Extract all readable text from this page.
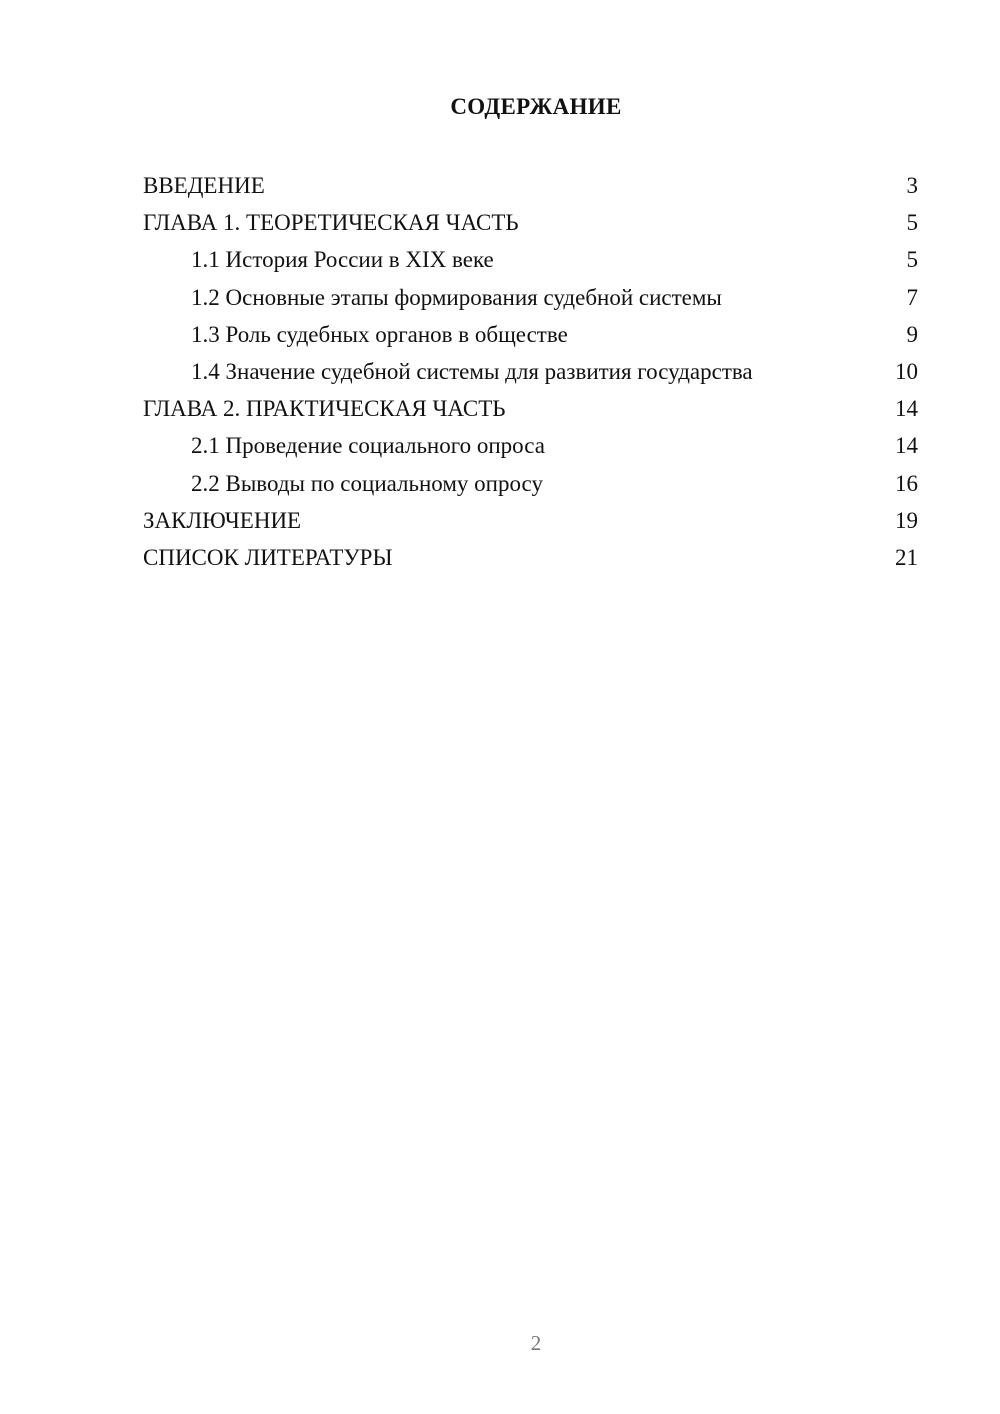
СОДЕРЖАНИЕ
ВВЕДЕНИЕ	3
ГЛАВА 1. ТЕОРЕТИЧЕСКАЯ ЧАСТЬ	5
1.1 История России в XIX веке	5
1.2 Основные этапы формирования судебной системы	7
1.3 Роль судебных органов в обществе	9
1.4 Значение судебной системы для развития государства	10
ГЛАВА 2. ПРАКТИЧЕСКАЯ ЧАСТЬ	14
2.1 Проведение социального опроса	14
2.2 Выводы по социальному опросу	16
ЗАКЛЮЧЕНИЕ	19
СПИСОК ЛИТЕРАТУРЫ	21
2
